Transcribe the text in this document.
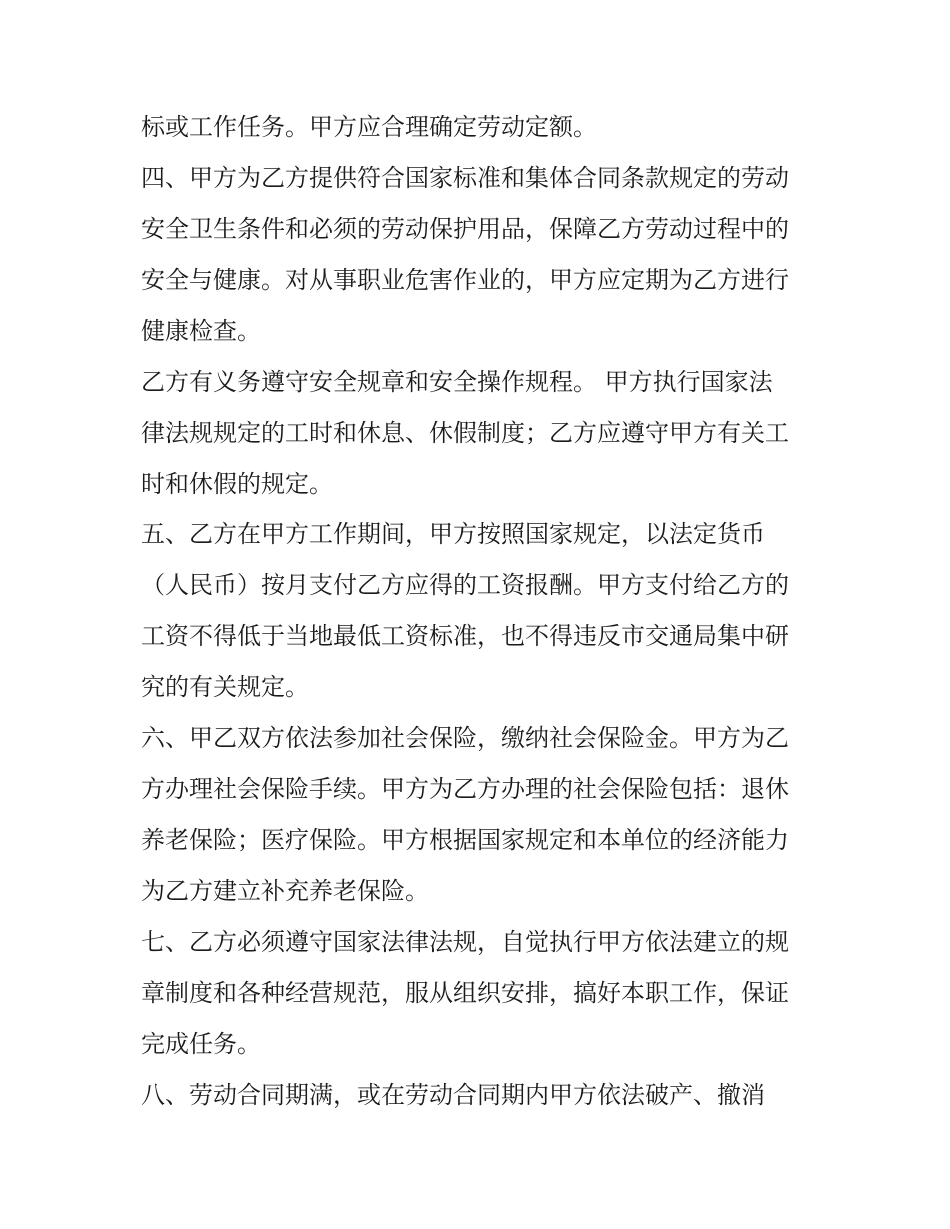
标或工作任务。甲方应合理确定劳动定额。
四、甲方为乙方提供符合国家标准和集体合同条款规定的劳动
安全卫生条件和必须的劳动保护用品，保障乙方劳动过程中的
安全与健康。对从事职业危害作业的，甲方应定期为乙方进行
健康检查。
乙方有义务遵守安全规章和安全操作规程。 甲方执行国家法
律法规规定的工时和休息、休假制度；乙方应遵守甲方有关工
时和休假的规定。
五、乙方在甲方工作期间，甲方按照国家规定，以法定货币
（人民币）按月支付乙方应得的工资报酬。甲方支付给乙方的
工资不得低于当地最低工资标准，也不得违反市交通局集中研
究的有关规定。
六、甲乙双方依法参加社会保险，缴纳社会保险金。甲方为乙
方办理社会保险手续。甲方为乙方办理的社会保险包括：退休
养老保险；医疗保险。甲方根据国家规定和本单位的经济能力
为乙方建立补充养老保险。
七、乙方必须遵守国家法律法规，自觉执行甲方依法建立的规
章制度和各种经营规范，服从组织安排，搞好本职工作，保证
完成任务。
八、劳动合同期满，或在劳动合同期内甲方依法破产、撤消
